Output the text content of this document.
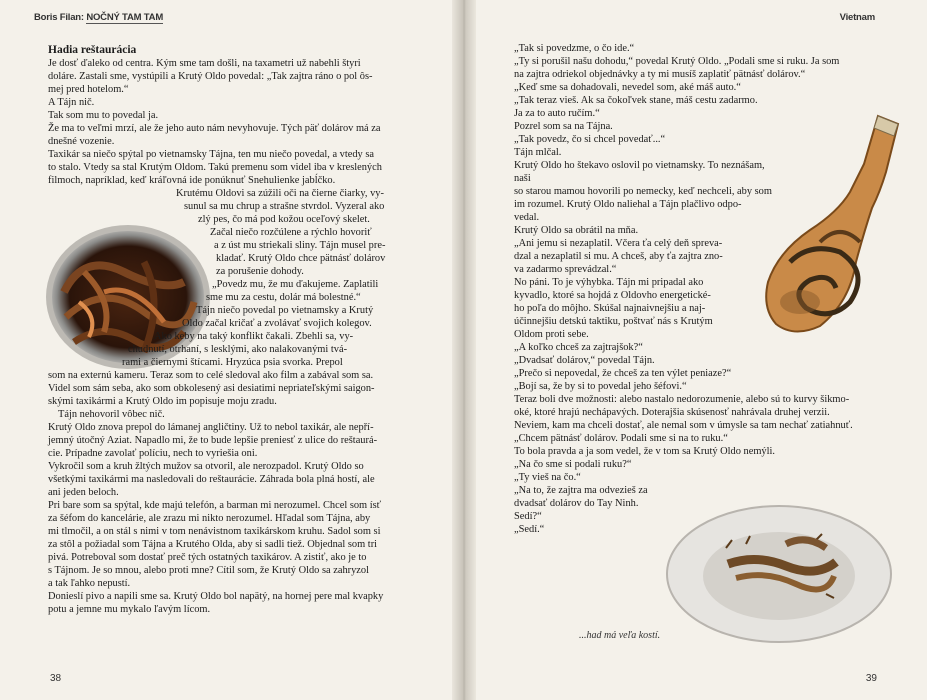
Boris Filan: NOČNÝ TAM TAM

Hadia reštaurácia

Je dosť ďaleko od centra. Kým sme tam došli, na taxametri už nabehli štyri

doláre. Zastali sme, vystúpili a Krutý Oldo povedal: „Tak zajtra ráno o pol ôs-

mej pred hotelom.“

A Tájn nič.

Tak som mu to povedal ja.

Že ma to veľmi mrzí, ale že jeho auto nám nevyhovuje. Tých päť dolárov má za

dnešné vozenie.

Taxikár sa niečo spýtal po vietnamsky Tájna, ten mu niečo povedal, a vtedy sa

to stalo. Vtedy sa stal Krutým Oldom. Takú premenu som videl iba v kreslených

filmoch, napríklad, keď kráľovná ide ponúknuť Snehulienke jabĺčko.

Krutému Oldovi sa zúžili oči na čierne čiarky, vy-

sunul sa mu chrup a strašne stvrdol. Vyzeral ako

zlý pes, čo má pod kožou oceľový skelet.

Začal niečo rozčúlene a rýchlo hovoriť

a z úst mu striekali sliny. Tájn musel pre-

kladať. Krutý Oldo chce pätnásť dolárov

za porušenie dohody.

„Povedz mu, že mu ďakujeme. Zaplatili

sme mu za cestu, dolár má bolestné.“

Tájn niečo povedal po vietnamsky a Krutý

Oldo začal kričať a zvolávať svojich kolegov.

Ako keby na taký konflikt čakali. Zbehli sa, vy-

chudnutí, otrhaní, s lesklými, ako nalakovanými tvá-

rami a čiernymi štícami. Hryzúca psia svorka. Prepol

som na externú kameru. Teraz som to celé sledoval ako film a zabával som sa.

Videl som sám seba, ako som obkolesený asi desiatimi nepriateľskými saigon-

skými taxikármi a Krutý Oldo im popisuje moju zradu.

Tájn nehovoril vôbec nič.

Krutý Oldo znova prepol do lámanej angličtiny. Už to nebol taxikár, ale nepří-

jemný útočný Aziat. Napadlo mi, že to bude lepšie preniesť z ulice do reštaurá-

cie. Prípadne zavolať políciu, nech to vyriešia oni.

Vykročil som a kruh žltých mužov sa otvoril, ale nerozpadol. Krutý Oldo so

všetkými taxikármi ma nasledovali do reštaurácie. Záhrada bola plná hostí, ale

ani jeden beloch.

Pri bare som sa spýtal, kde majú telefón, a barman mi nerozumel. Chcel som ísť

za šéfom do kancelárie, ale zrazu mi nikto nerozumel. Hľadal som Tájna, aby

mi tlmočil, a on stál s nimi v tom nenávistnom taxikárskom kruhu. Sadol som si

za stôl a požiadal som Tájna a Krutého Olda, aby si sadli tiež. Objednal som tri

pivá. Potreboval som dostať preč tých ostatných taxikárov. A zistiť, ako je to

s Tájnom. Je so mnou, alebo proti mne? Cítil som, že Krutý Oldo sa zahryzol

a tak ľahko nepustí.

Donieslí pivo a napili sme sa. Krutý Oldo bol napätý, na hornej pere mal kvapky

potu a jemne mu mykalo ľavým lícom.

38
Vietnam

„Tak si povedzme, o čo ide.“

„Ty si porušil našu dohodu,“ povedal Krutý Oldo. „Podali sme si ruku. Ja som

na zajtra odriekol objednávky a ty mi musíš zaplatiť pätnásť dolárov.“

„Keď sme sa dohadovali, nevedel som, aké máš auto.“

„Tak teraz vieš. Ak sa čokoľvek stane, máš cestu zadarmo.

Ja za to auto ručím.“

Pozrel som sa na Tájna.

„Tak povedz, čo si chcel povedať...“

Tájn mlčal.

Krutý Oldo ho štekavo oslovil po vietnamsky. To neznášam, naši

so starou mamou hovorili po nemecky, keď nechceli, aby som

im rozumel. Krutý Oldo naliehal a Tájn plačlivo odpo-

vedal.

Krutý Oldo sa obrátil na mňa.

„Ani jemu si nezaplatil. Včera ťa celý deň spreva-

dzal a nezaplatil si mu. A chceš, aby ťa zajtra zno-

va zadarmo sprevádzal.“

No páni. To je výhybka. Tájn mi pripadal ako

kyvadlo, ktoré sa hojdá z Oldovho energetické-

ho poľa do môjho. Skúšal najnaivnejšiu a naj-

účinnejšiu detskú taktiku, poštvať nás s Krutým

Oldom proti sebe.

„A koľko chceš za zajtrajšok?“

„Dvadsať dolárov,“ povedal Tájn.

„Prečo si nepovedal, že chceš za ten výlet peniaze?“

„Bojí sa, že by si to povedal jeho šéfovi.“

Teraz boli dve možnosti: alebo nastalo nedorozumenie, alebo sú to kurvy šikmo-

oké, ktoré hrajú nechápavých. Doterajšia skúsenosť nahrávala druhej verzii.

Neviem, kam ma chceli dostať, ale nemal som v úmysle sa tam nechať zatiahnuť.

„Chcem pätnásť dolárov. Podali sme si na to ruku.“

To bola pravda a ja som vedel, že v tom sa Krutý Oldo nemýli.

„Na čo sme si podali ruku?“

„Ty vieš na čo.“

„Na to, že zajtra ma odvezieš za

dvadsať dolárov do Tay Ninh.

Sedí?“

„Sedí.“

...had má veľa kostí.
39
